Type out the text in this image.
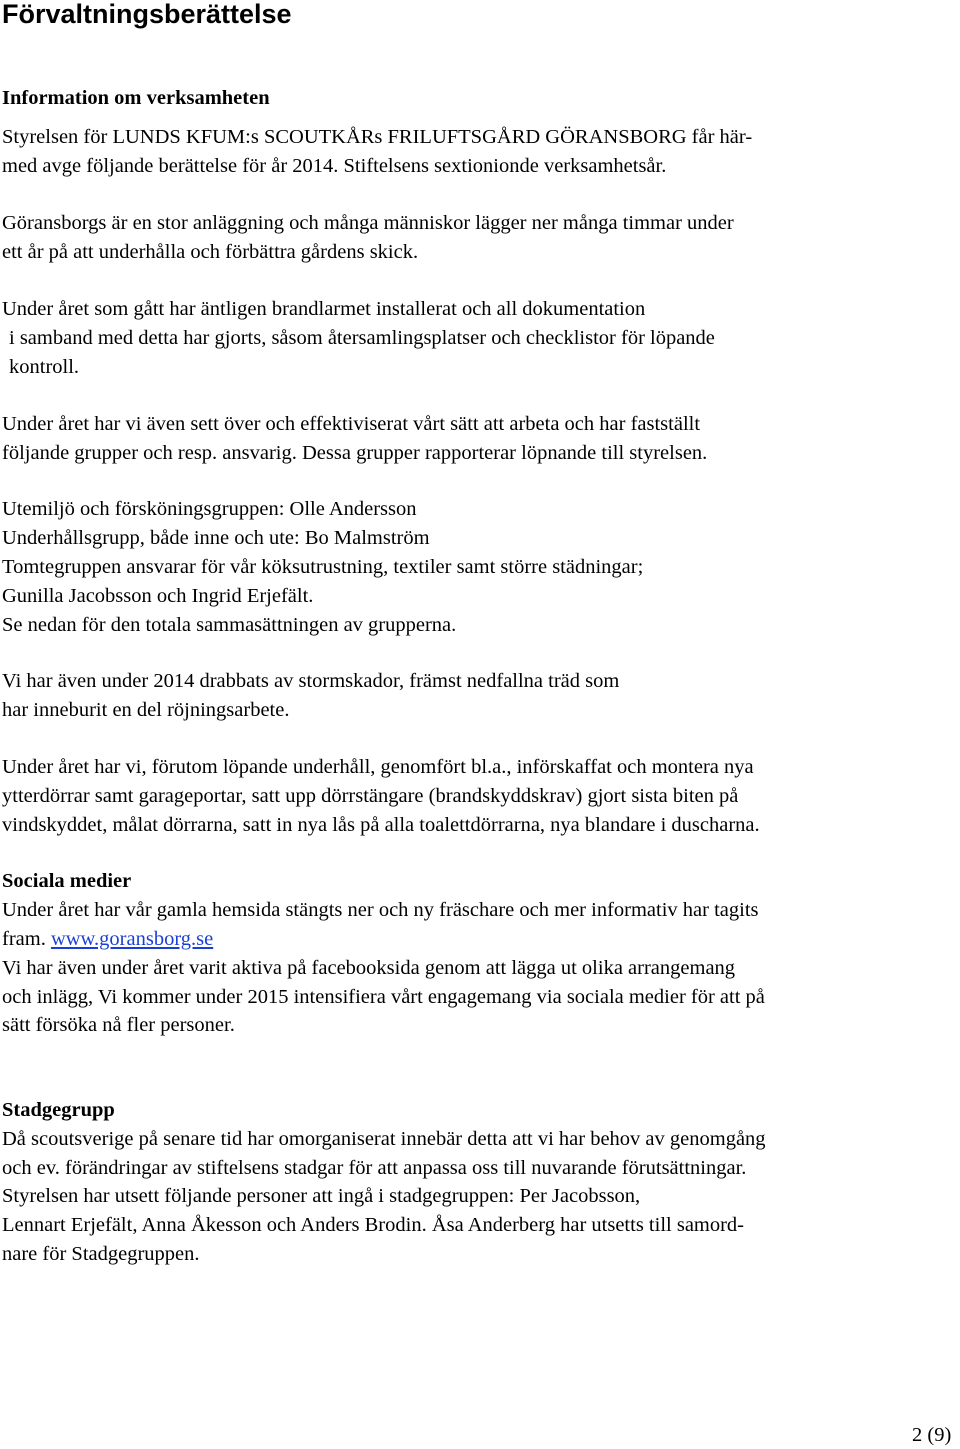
Förvaltningsberättelse

Information om verksamheten

Styrelsen för LUNDS KFUM:s SCOUTKÅRs FRILUFTSGÅRD GÖRANSBORG får här-

med avge följande berättelse för år 2014. Stiftelsens sextionionde verksamhetsår.

Göransborgs är en stor anläggning och många människor lägger ner många timmar under

ett år på att underhålla och förbättra gårdens skick.

Under året som gått har äntligen brandlarmet installerat och all dokumentation

i samband med detta har gjorts, såsom återsamlingsplatser och checklistor för löpande

kontroll.

Under året har vi även sett över och effektiviserat vårt sätt att arbeta och har fastställt

följande grupper och resp. ansvarig. Dessa grupper rapporterar löpnande till styrelsen.

Utemiljö och försköningsgruppen: Olle Andersson

Underhållsgrupp, både inne och ute: Bo Malmström

Tomtegruppen ansvarar för vår köksutrustning, textiler samt större städningar;

Gunilla Jacobsson och Ingrid Erjefält.

Se nedan för den totala sammasättningen av grupperna.

Vi har även under 2014 drabbats av stormskador, främst nedfallna träd som

har inneburit en del röjningsarbete.

Under året har vi, förutom löpande underhåll, genomfört bl.a., införskaffat och montera nya

ytterdörrar samt garageportar, satt upp dörrstängare (brandskyddskrav) gjort sista biten på

vindskyddet, målat dörrarna, satt in nya lås på alla toalettdörrarna, nya blandare i duscharna.

Sociala medier

Under året har vår gamla hemsida stängts ner och ny fräschare och mer informativ har tagits

fram. www.goransborg.se

Vi har även under året varit aktiva på facebooksida genom att lägga ut olika arrangemang

och inlägg, Vi kommer under 2015 intensifiera vårt engagemang via sociala medier för att på

sätt försöka nå fler personer.

Stadgegrupp

Då scoutsverige på senare tid har omorganiserat innebär detta att vi har behov av genomgång

och ev. förändringar av stiftelsens stadgar för att anpassa oss till nuvarande förutsättningar.

Styrelsen har utsett följande personer att ingå i stadgegruppen: Per Jacobsson,

Lennart Erjefält, Anna Åkesson och Anders Brodin. Åsa Anderberg har utsetts till samord-

nare för Stadgegruppen.

2 (9)
